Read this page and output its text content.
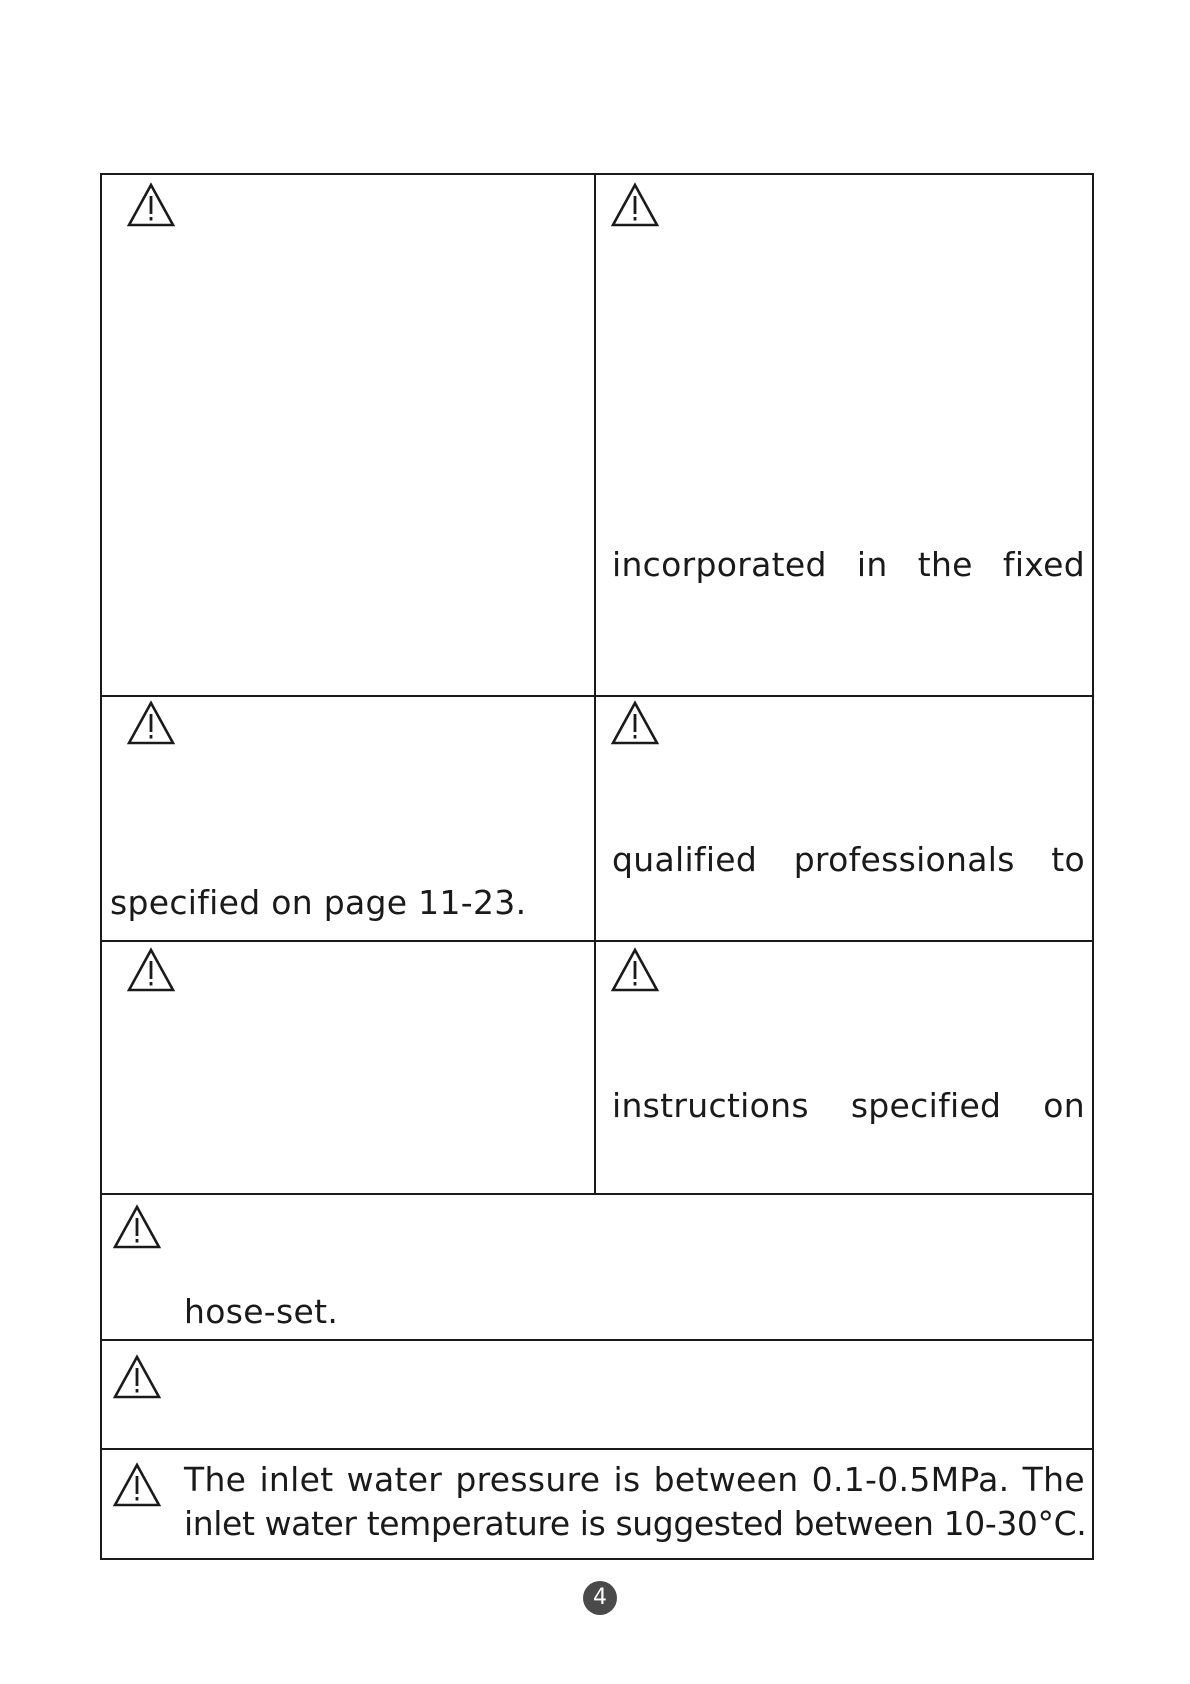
incorporated in the fixed
qualified professionals to
specified on page 11-23.
instructions specified on
hose-set.
The inlet water pressure is between 0.1-0.5MPa. The
inlet water temperature is suggested between 10-30°C.
4
